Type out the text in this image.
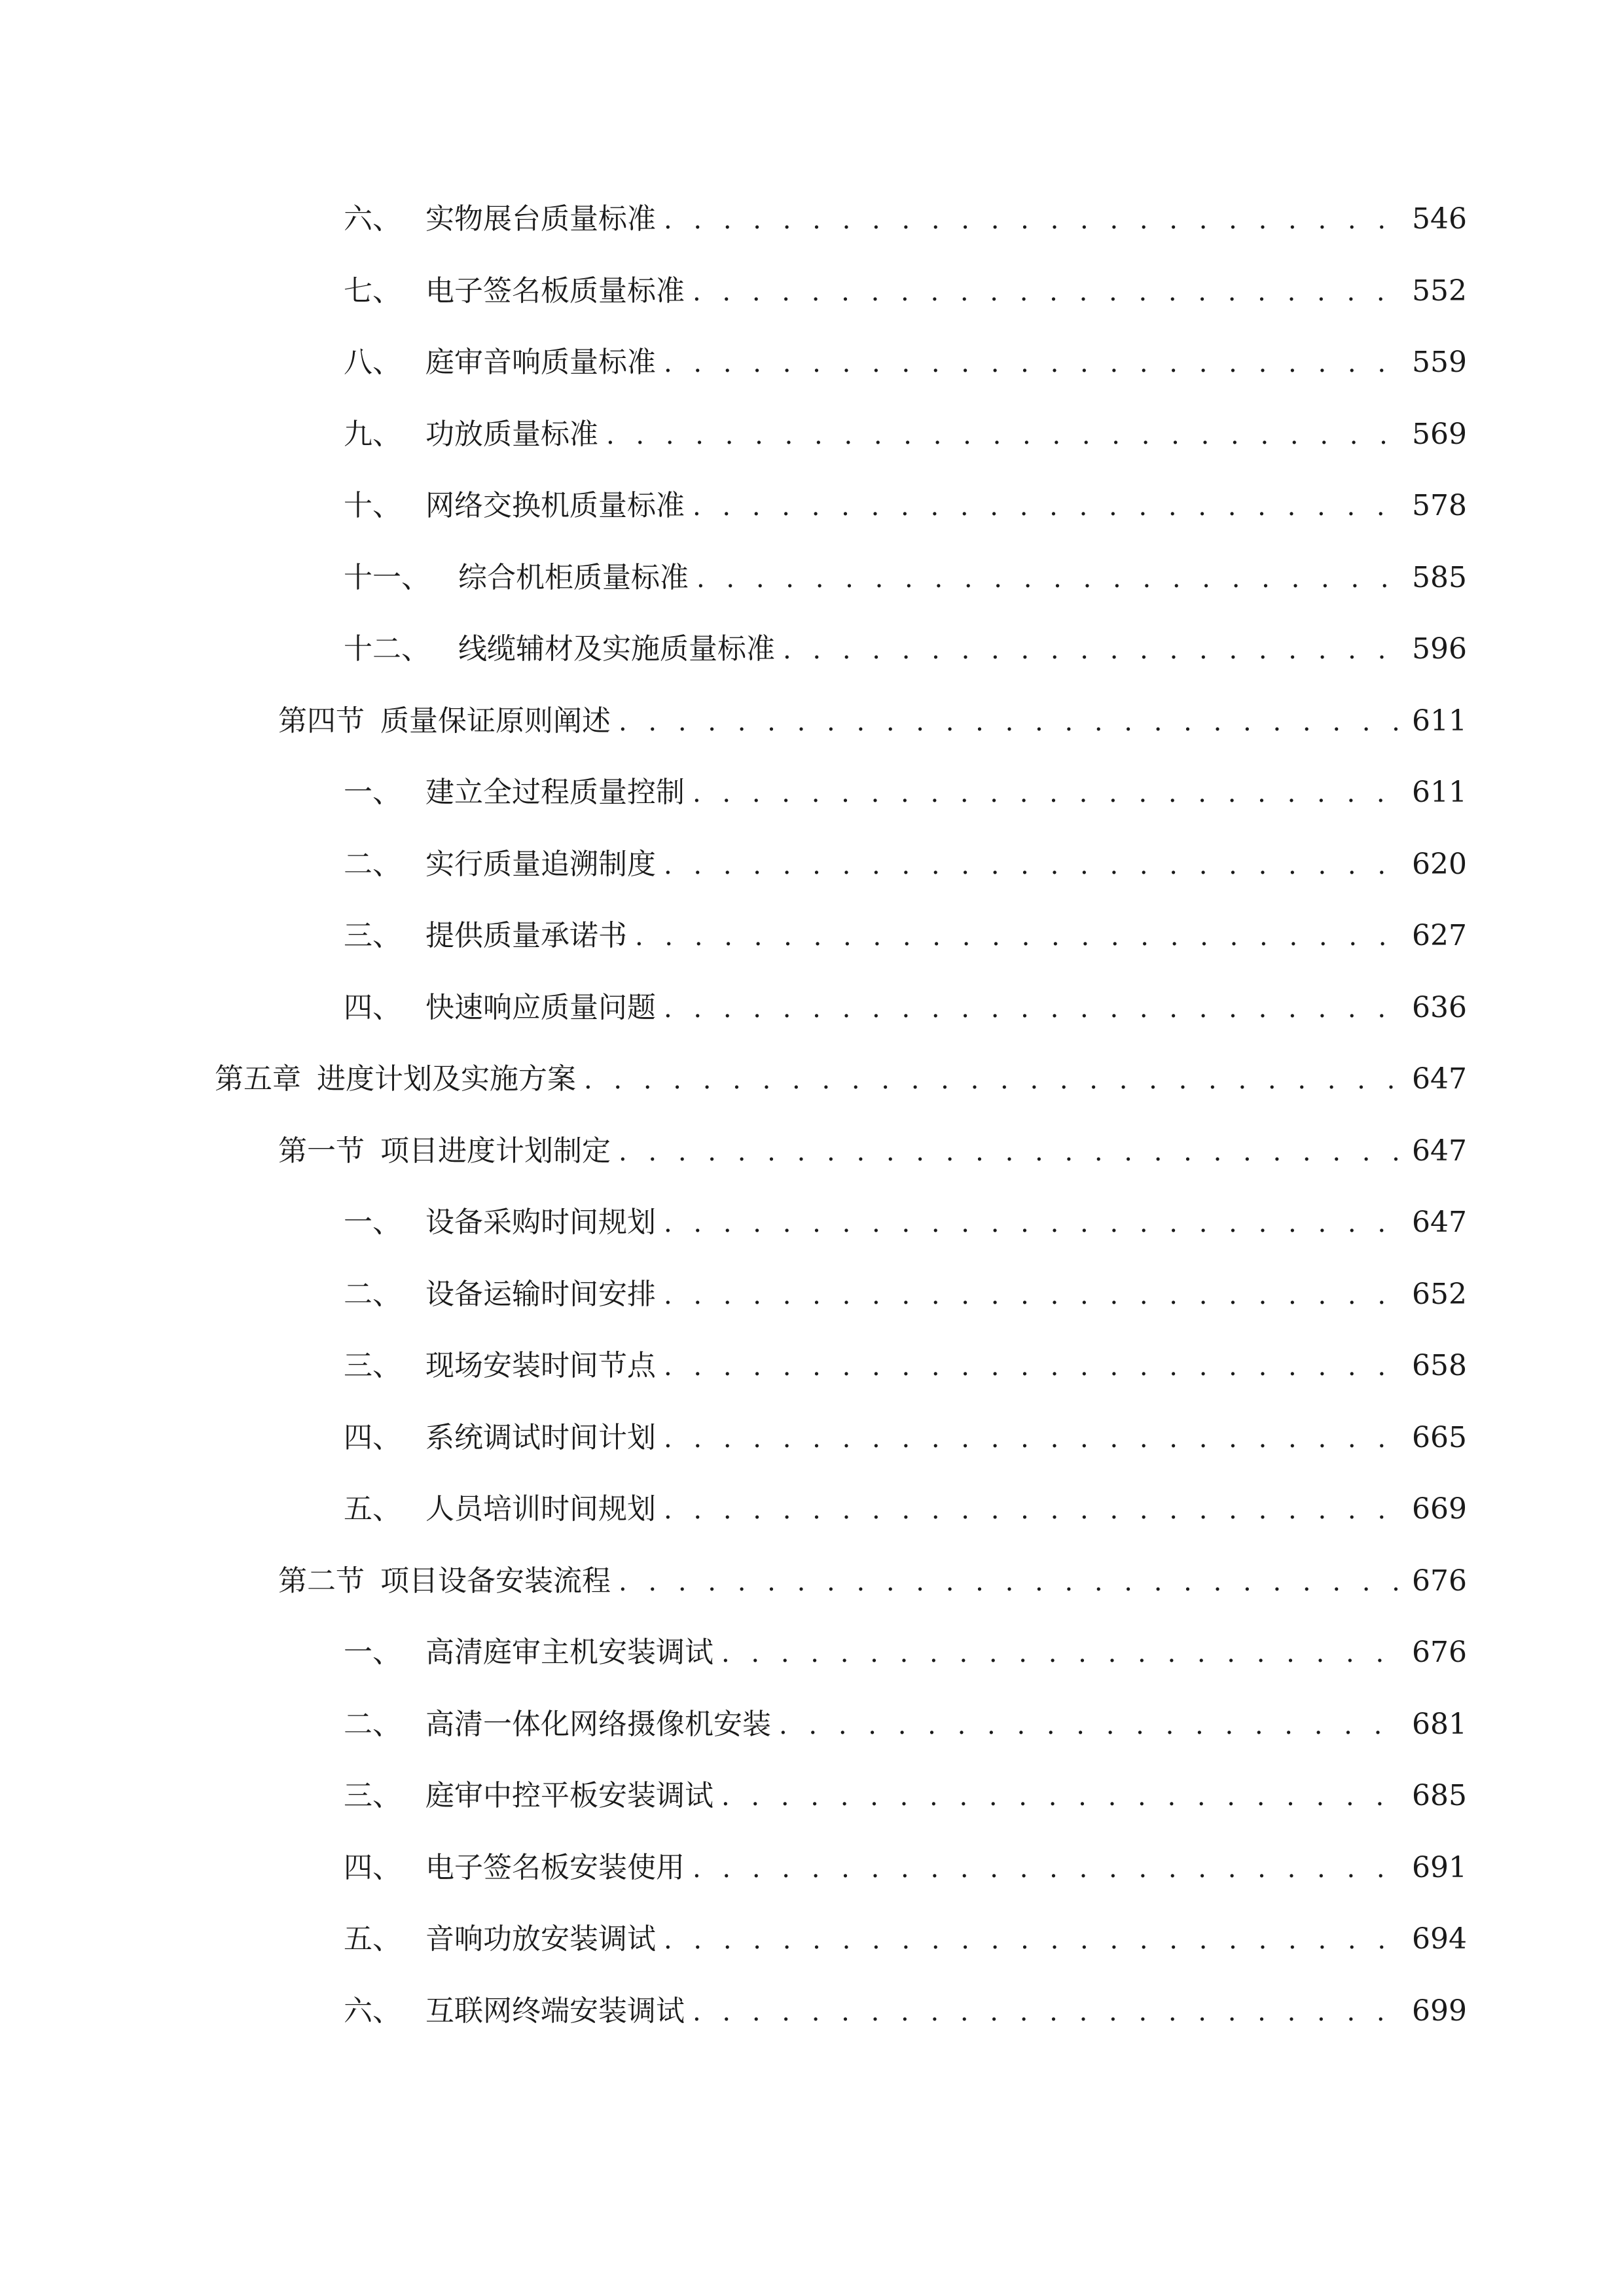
六、 实物展台质量标准 . . .	546
七、 电子签名板质量标准 . . .	552
八、 庭审音响质量标准 . . .	559
九、 功放质量标准 . . .	569
十、 网络交换机质量标准 . . .	578
十一、 综合机柜质量标准 . . .	585
十二、 线缆辅材及实施质量标准 . . .	596
第四节 质量保证原则阐述 . . .	611
一、 建立全过程质量控制 . . .	611
二、 实行质量追溯制度 . . .	620
三、 提供质量承诺书 . . .	627
四、 快速响应质量问题 . . .	636
第五章 进度计划及实施方案 . . .	647
第一节 项目进度计划制定 . . .	647
一、 设备采购时间规划 . . .	647
二、 设备运输时间安排 . . .	652
三、 现场安装时间节点 . . .	658
四、 系统调试时间计划 . . .	665
五、 人员培训时间规划 . . .	669
第二节 项目设备安装流程 . . .	676
一、 高清庭审主机安装调试 . . .	676
二、 高清一体化网络摄像机安装 . . .	681
三、 庭审中控平板安装调试 . . .	685
四、 电子签名板安装使用 . . .	691
五、 音响功放安装调试 . . .	694
六、 互联网终端安装调试 . . .	699
